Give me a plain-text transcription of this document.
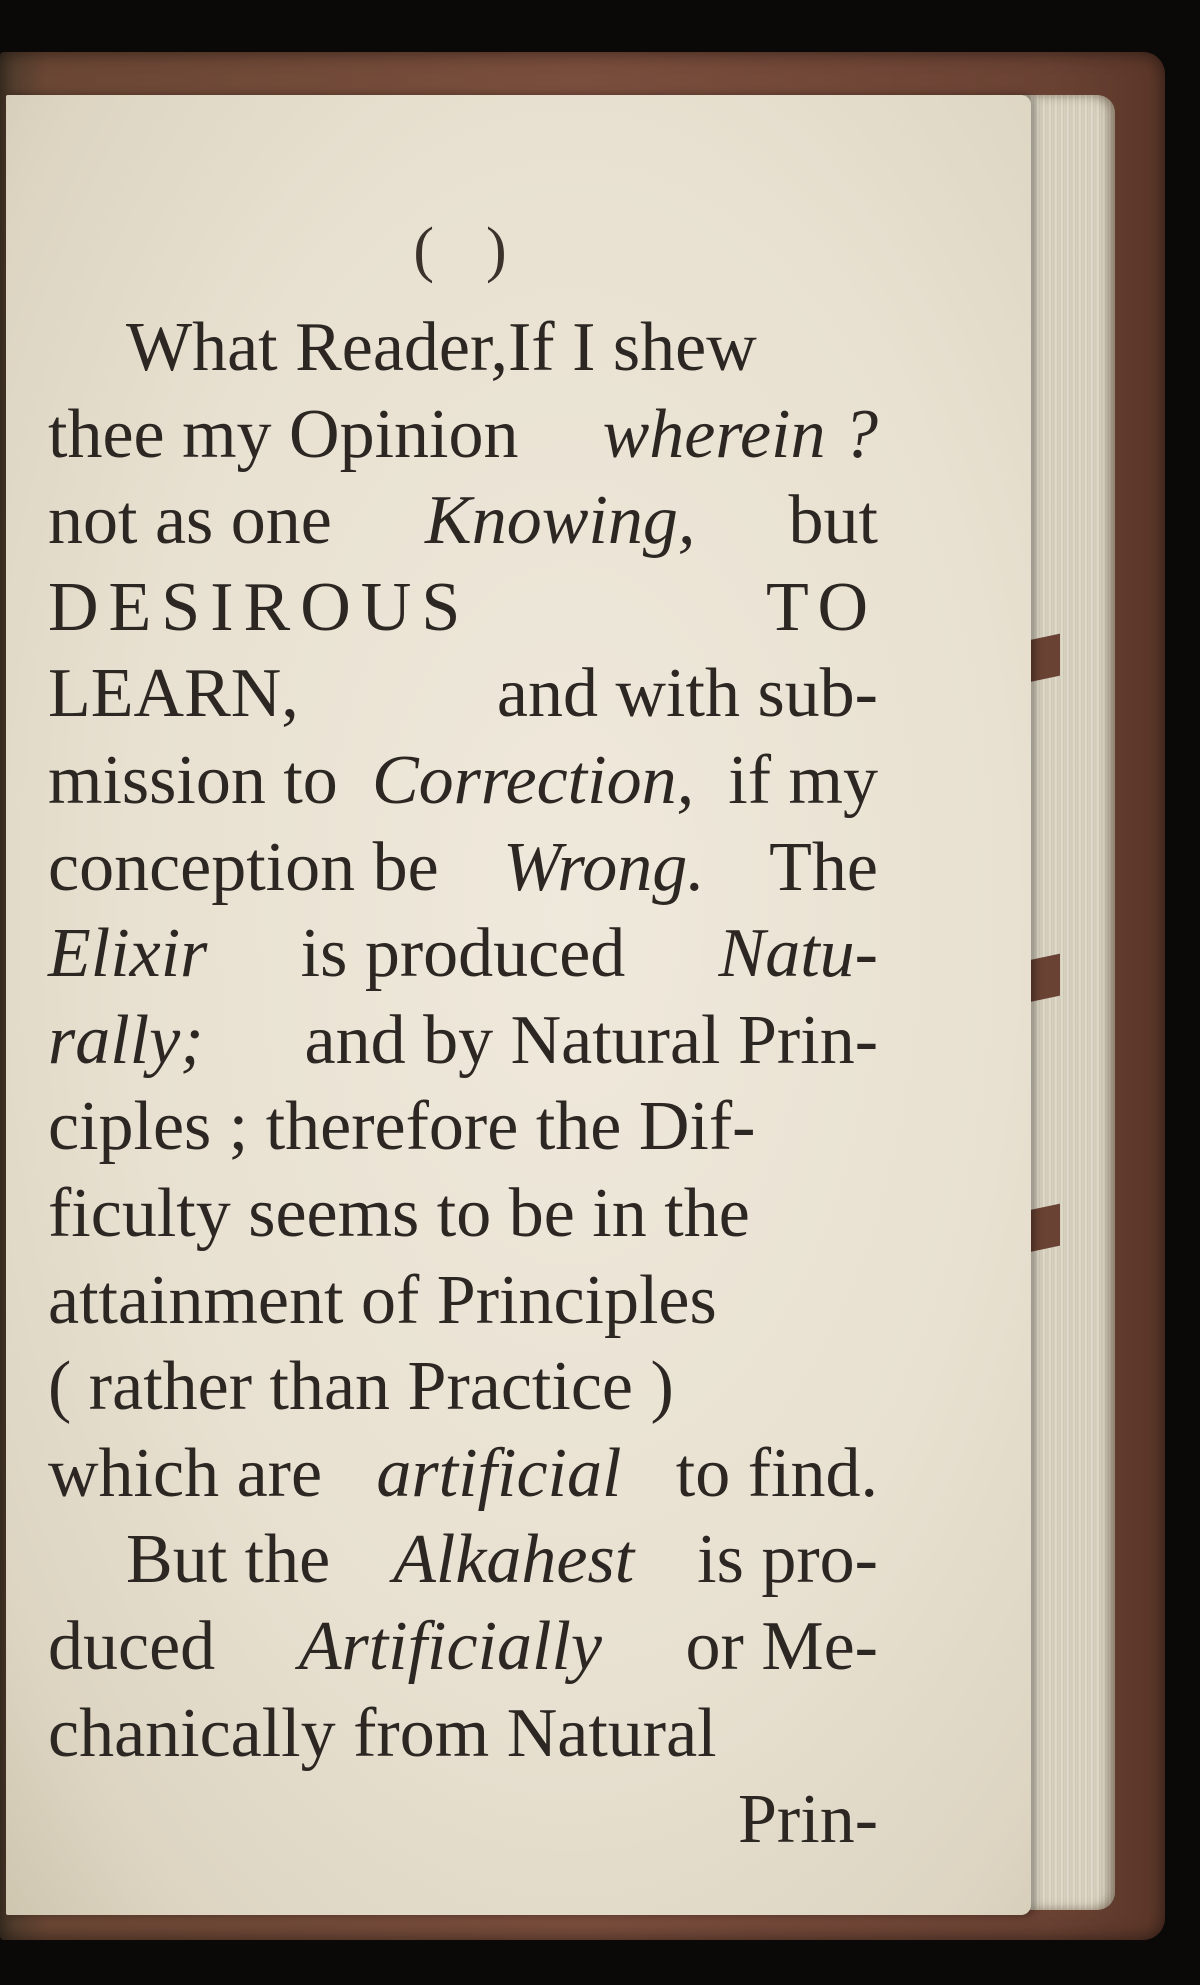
( )
What Reader,If I shew
thee my Opinion wherein ?
not as one Knowing, but
DESIROUS	TO
LEARN,	and with sub-
mission to Correction, if my
conception be Wrong. The
Elixir is produced Natu-
rally; and by Natural Prin-
ciples ; therefore the Dif-
ficulty seems to be in the
attainment of Principles
( rather than Practice )
which are artificial to find.
But the Alkahest is pro-
duced Artificially or Me-
chanically from Natural
Prin-
